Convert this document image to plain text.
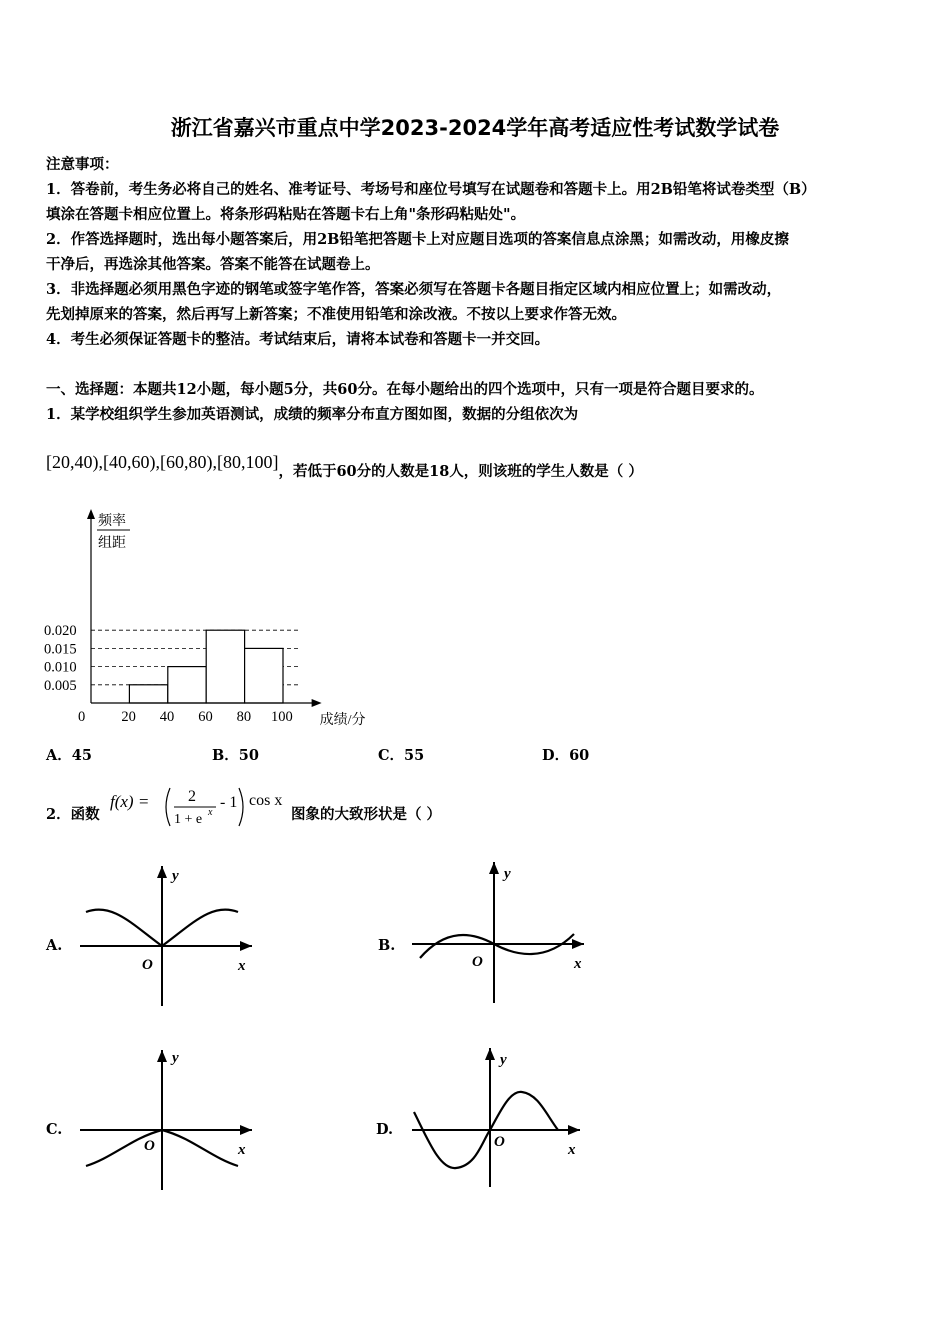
浙江省嘉兴市重点中学2023-2024学年高考适应性考试数学试卷
注意事项：
1．答卷前，考生务必将自己的姓名、准考证号、考场号和座位号填写在试题卷和答题卡上。用2B铅笔将试卷类型（B）
填涂在答题卡相应位置上。将条形码粘贴在答题卡右上角"条形码粘贴处"。
2．作答选择题时，选出每小题答案后，用2B铅笔把答题卡上对应题目选项的答案信息点涂黑；如需改动，用橡皮擦
干净后，再选涂其他答案。答案不能答在试题卷上。
3．非选择题必须用黑色字迹的钢笔或签字笔作答，答案必须写在答题卡各题目指定区域内相应位置上；如需改动，
先划掉原来的答案，然后再写上新答案；不准使用铅笔和涂改液。不按以上要求作答无效。
4．考生必须保证答题卡的整洁。考试结束后，请将本试卷和答题卡一并交回。
一、选择题：本题共12小题，每小题5分，共60分。在每小题给出的四个选项中，只有一项是符合题目要求的。
1．某学校组织学生参加英语测试，成绩的频率分布直方图如图，数据的分组依次为
[20,40),[40,60),[60,80),[80,100]，若低于60分的人数是18人，则该班的学生人数是（ ）
0.005
0.010
0.015
0.020
0 20 40 60 80 100
频率
组距
成绩/分
A．45	B．50	C．55	D．60
2．函数
f(x) = 2
1 + e x
- 1 cos x
图象的大致形状是（ ）
A.
y
O	x
B.
y
O	x
C.
y
O	x
D.
y
O	x
